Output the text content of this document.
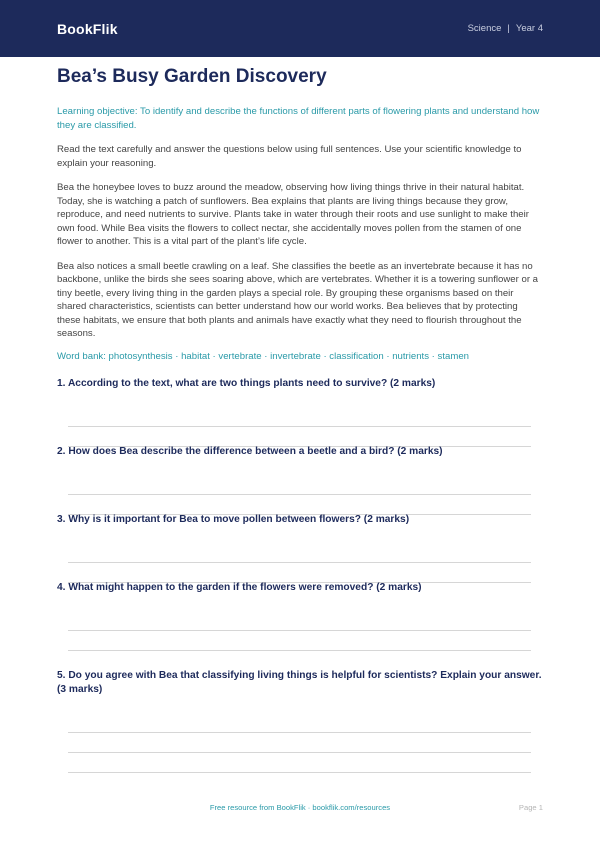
BookFlik	Science | Year 4
Bea’s Busy Garden Discovery

Learning objective: To identify and describe the functions of different parts of flowering plants and understand how they are classified.

Read the text carefully and answer the questions below using full sentences. Use your scientific knowledge to explain your reasoning.

Bea the honeybee loves to buzz around the meadow, observing how living things thrive in their natural habitat. Today, she is watching a patch of sunflowers. Bea explains that plants are living things because they grow, reproduce, and need nutrients to survive. Plants take in water through their roots and use sunlight to make their own food. While Bea visits the flowers to collect nectar, she accidentally moves pollen from the stamen of one flower to another. This is a vital part of the plant’s life cycle.

Bea also notices a small beetle crawling on a leaf. She classifies the beetle as an invertebrate because it has no backbone, unlike the birds she sees soaring above, which are vertebrates. Whether it is a towering sunflower or a tiny beetle, every living thing in the garden plays a special role. By grouping these organisms based on their shared characteristics, scientists can better understand how our world works. Bea believes that by protecting these habitats, we ensure that both plants and animals have exactly what they need to flourish throughout the seasons.

Word bank: photosynthesis · habitat · vertebrate · invertebrate · classification · nutrients · stamen

1. According to the text, what are two things plants need to survive? (2 marks)
2. How does Bea describe the difference between a beetle and a bird? (2 marks)
3. Why is it important for Bea to move pollen between flowers? (2 marks)
4. What might happen to the garden if the flowers were removed? (2 marks)
5. Do you agree with Bea that classifying living things is helpful for scientists? Explain your answer. (3 marks)
Free resource from BookFlik · bookflik.com/resources	Page 1
